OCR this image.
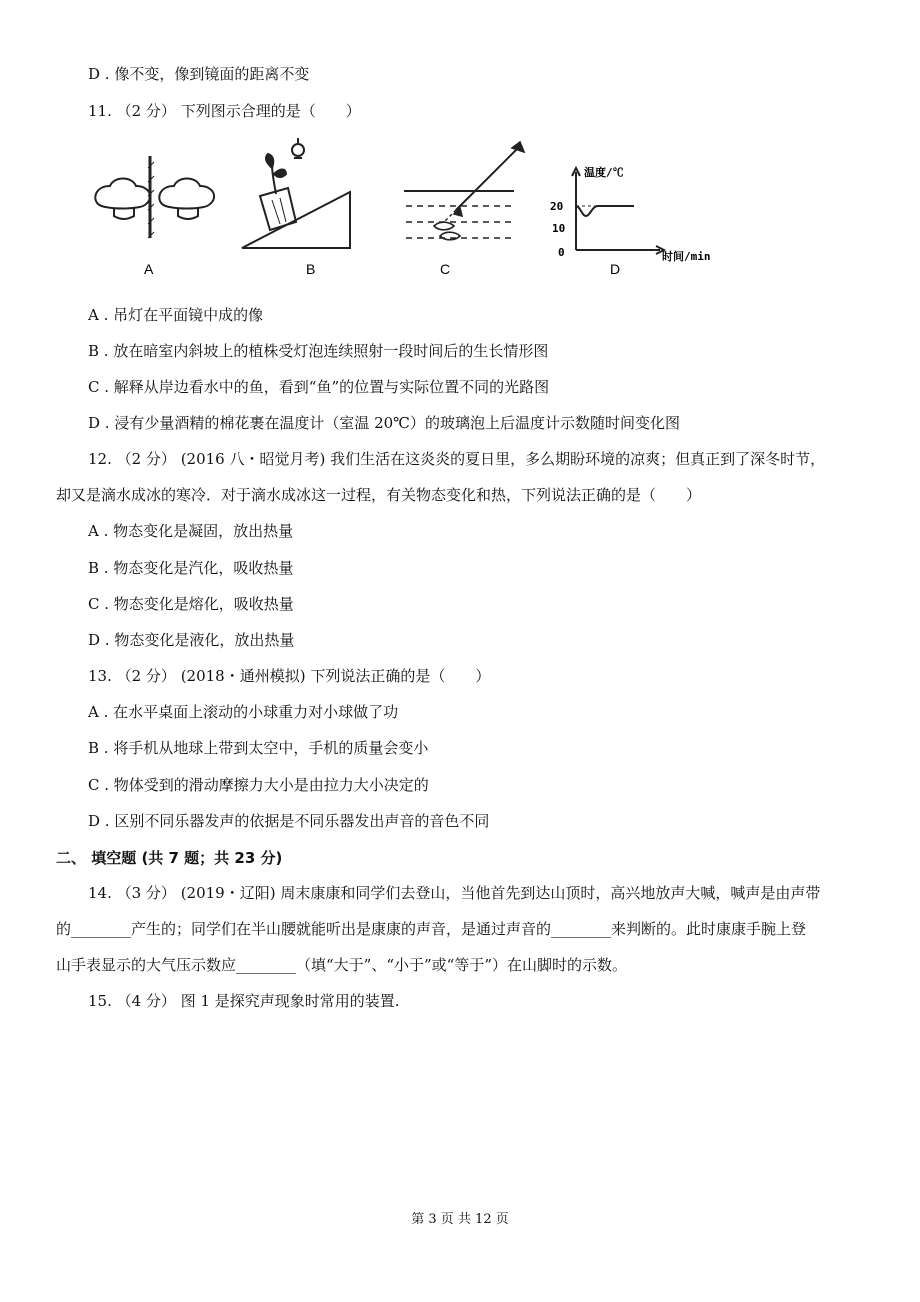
D . 像不变，像到镜面的距离不变
11. （2 分） 下列图示合理的是（　　）
A	B	C
温度/℃
20
10
0	时间/min
D
A . 吊灯在平面镜中成的像
B . 放在暗室内斜坡上的植株受灯泡连续照射一段时间后的生长情形图
C . 解释从岸边看水中的鱼，看到“鱼”的位置与实际位置不同的光路图
D . 浸有少量酒精的棉花裹在温度计（室温 20℃）的玻璃泡上后温度计示数随时间变化图
12. （2 分） (2016 八・昭觉月考) 我们生活在这炎炎的夏日里，多么期盼环境的凉爽；但真正到了深冬时节，
却又是滴水成冰的寒冷．对于滴水成冰这一过程，有关物态变化和热，下列说法正确的是（　　）
A . 物态变化是凝固，放出热量
B . 物态变化是汽化，吸收热量
C . 物态变化是熔化，吸收热量
D . 物态变化是液化，放出热量
13. （2 分） (2018・通州模拟) 下列说法正确的是（　　）
A . 在水平桌面上滚动的小球重力对小球做了功
B . 将手机从地球上带到太空中，手机的质量会变小
C . 物体受到的滑动摩擦力大小是由拉力大小决定的
D . 区别不同乐器发声的依据是不同乐器发出声音的音色不同
二、 填空题 (共 7 题；共 23 分)
14. （3 分） (2019・辽阳) 周末康康和同学们去登山，当他首先到达山顶时，高兴地放声大喊，喊声是由声带
的________产生的；同学们在半山腰就能听出是康康的声音，是通过声音的________来判断的。此时康康手腕上登
山手表显示的大气压示数应________（填“大于”、“小于”或“等于”）在山脚时的示数。
15. （4 分） 图 1 是探究声现象时常用的装置.
第 3 页 共 12 页
